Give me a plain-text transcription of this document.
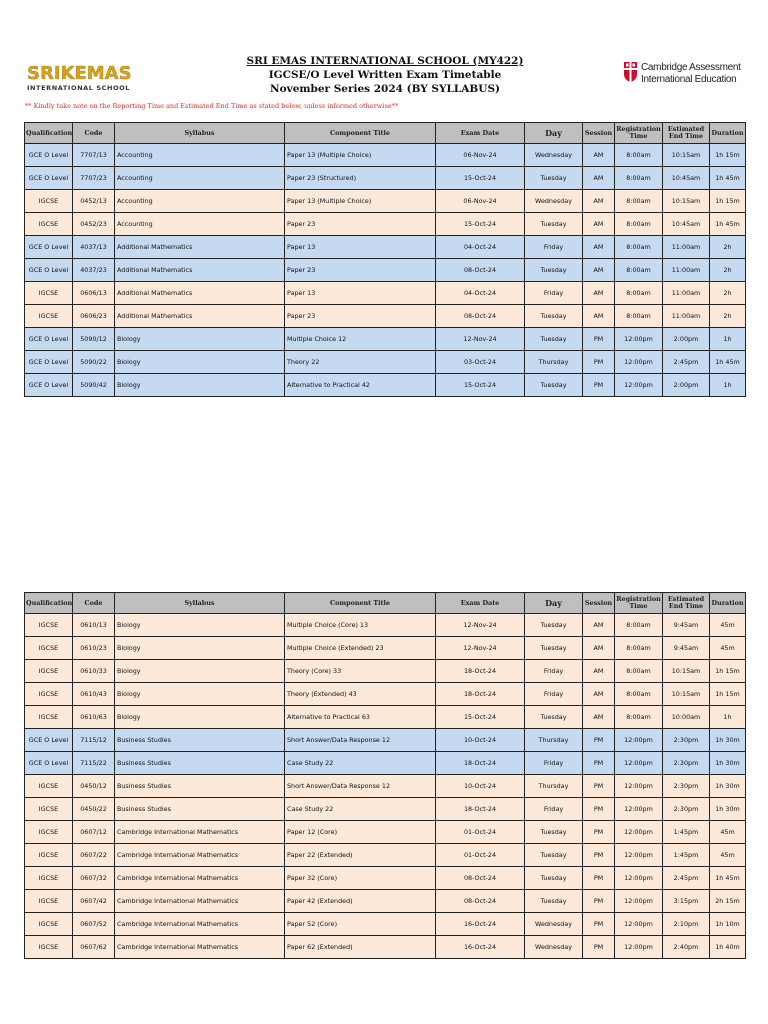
SRIKEMAS
INTERNATIONAL SCHOOL
SRI EMAS INTERNATIONAL SCHOOL (MY422)
IGCSE/O Level Written Exam Timetable
November Series 2024 (BY SYLLABUS)
Cambridge Assessment
International Education
** Kindly take note on the Reporting Time and Estimated End Time as stated below, unless informed otherwise**
Qualification	Code	Syllabus	Component Title	Exam Date	Day	Session	Registration Time	Estimated End Time	Duration
GCE O Level	7707/13	Accounting	Paper 13 (Multiple Choice)	06-Nov-24	Wednesday	AM	8:00am	10:15am	1h 15m
GCE O Level	7707/23	Accounting	Paper 23 (Structured)	15-Oct-24	Tuesday	AM	8:00am	10:45am	1h 45m
IGCSE	0452/13	Accounting	Paper 13 (Multiple Choice)	06-Nov-24	Wednesday	AM	8:00am	10:15am	1h 15m
IGCSE	0452/23	Accounting	Paper 23	15-Oct-24	Tuesday	AM	8:00am	10:45am	1h 45m
GCE O Level	4037/13	Additional Mathematics	Paper 13	04-Oct-24	Friday	AM	8:00am	11:00am	2h
GCE O Level	4037/23	Additional Mathematics	Paper 23	08-Oct-24	Tuesday	AM	8:00am	11:00am	2h
IGCSE	0606/13	Additional Mathematics	Paper 13	04-Oct-24	Friday	AM	8:00am	11:00am	2h
IGCSE	0606/23	Additional Mathematics	Paper 23	08-Oct-24	Tuesday	AM	8:00am	11:00am	2h
GCE O Level	5090/12	Biology	Multiple Choice 12	12-Nov-24	Tuesday	PM	12:00pm	2:00pm	1h
GCE O Level	5090/22	Biology	Theory 22	03-Oct-24	Thursday	PM	12:00pm	2:45pm	1h 45m
GCE O Level	5090/42	Biology	Alternative to Practical 42	15-Oct-24	Tuesday	PM	12:00pm	2:00pm	1h
Qualification	Code	Syllabus	Component Title	Exam Date	Day	Session	Registration Time	Estimated End Time	Duration
IGCSE	0610/13	Biology	Multiple Choice (Core) 13	12-Nov-24	Tuesday	AM	8:00am	9:45am	45m
IGCSE	0610/23	Biology	Multiple Choice (Extended) 23	12-Nov-24	Tuesday	AM	8:00am	9:45am	45m
IGCSE	0610/33	Biology	Theory (Core) 33	18-Oct-24	Friday	AM	8:00am	10:15am	1h 15m
IGCSE	0610/43	Biology	Theory (Extended) 43	18-Oct-24	Friday	AM	8:00am	10:15am	1h 15m
IGCSE	0610/63	Biology	Alternative to Practical 63	15-Oct-24	Tuesday	AM	8:00am	10:00am	1h
GCE O Level	7115/12	Business Studies	Short Answer/Data Response 12	10-Oct-24	Thursday	PM	12:00pm	2:30pm	1h 30m
GCE O Level	7115/22	Business Studies	Case Study 22	18-Oct-24	Friday	PM	12:00pm	2:30pm	1h 30m
IGCSE	0450/12	Business Studies	Short Answer/Data Response 12	10-Oct-24	Thursday	PM	12:00pm	2:30pm	1h 30m
IGCSE	0450/22	Business Studies	Case Study 22	18-Oct-24	Friday	PM	12:00pm	2:30pm	1h 30m
IGCSE	0607/12	Cambridge International Mathematics	Paper 12 (Core)	01-Oct-24	Tuesday	PM	12:00pm	1:45pm	45m
IGCSE	0607/22	Cambridge International Mathematics	Paper 22 (Extended)	01-Oct-24	Tuesday	PM	12:00pm	1:45pm	45m
IGCSE	0607/32	Cambridge International Mathematics	Paper 32 (Core)	08-Oct-24	Tuesday	PM	12:00pm	2:45pm	1h 45m
IGCSE	0607/42	Cambridge International Mathematics	Paper 42 (Extended)	08-Oct-24	Tuesday	PM	12:00pm	3:15pm	2h 15m
IGCSE	0607/52	Cambridge International Mathematics	Paper 52 (Core)	16-Oct-24	Wednesday	PM	12:00pm	2:10pm	1h 10m
IGCSE	0607/62	Cambridge International Mathematics	Paper 62 (Extended)	16-Oct-24	Wednesday	PM	12:00pm	2:40pm	1h 40m
